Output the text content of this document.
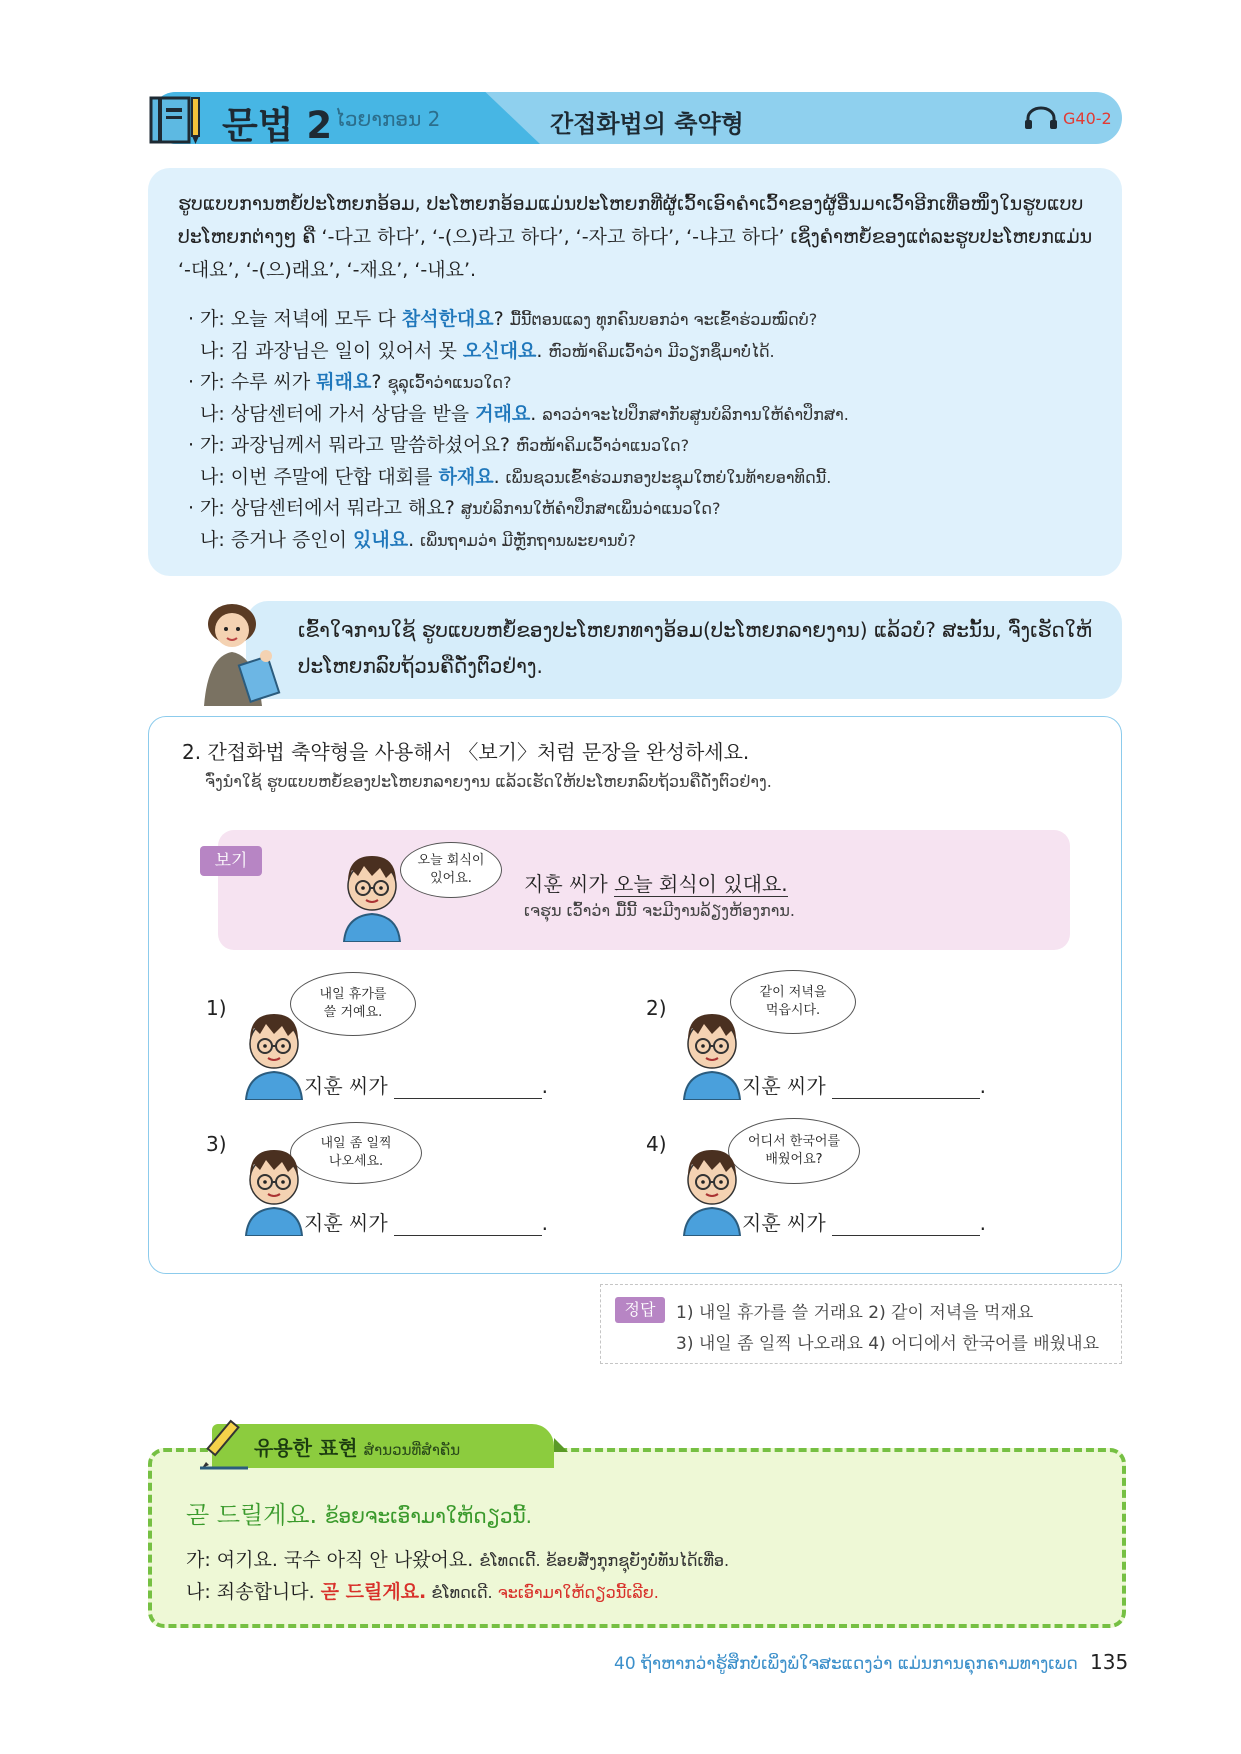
문법 2 ໄວຍາກອນ 2	간접화법의 축약형	G40-2
ຮູບແບບການຫຍໍ້ປະໂຫຍກອ້ອມ, ປະໂຫຍກອ້ອມແມ່ນປະໂຫຍກທີ່ຜູ້ເວົ້າເອົາຄຳເວົ້າຂອງຜູ້ອື່ນມາເວົ້າອີກເທື່ອໜຶ່ງໃນຮູບແບບປະໂຫຍກຕ່າງໆ ຄື ‘-다고 하다’, ‘-(으)라고 하다’, ‘-자고 하다’, ‘-냐고 하다’ ເຊິ່ງຄຳຫຍໍ້ຂອງແຕ່ລະຮູບປະໂຫຍກແມ່ນ ‘-대요’, ‘-(으)래요’, ‘-재요’, ‘-내요’.
· 가: 오늘 저녁에 모두 다 참석한대요? ມື້ນີ້ຕອນແລງ ທຸກຄົນບອກວ່າ ຈະເຂົ້າຮ່ວມໝົດບໍ?
나: 김 과장님은 일이 있어서 못 오신대요. ຫົວໜ້າຄິມເວົ້າວ່າ ມີວຽກຊຶ່ມາບໍ່ໄດ້.
· 가: 수루 씨가 뭐래요? ຊຸລຸເວົ້າວ່າແນວໃດ?
나: 상담센터에 가서 상담을 받을 거래요. ລາວວ່າຈະໄປປຶກສາກັບສູນບໍລິການໃຫ້ຄຳປຶກສາ.
· 가: 과장님께서 뭐라고 말씀하셨어요? ຫົວໜ້າຄິມເວົ້າວ່າແນວໃດ?
나: 이번 주말에 단합 대회를 하재요. ເພິ່ນຊວນເຂົ້າຮ່ວມກອງປະຊຸມໃຫຍ່ໃນທ້າຍອາທິດນີ້.
· 가: 상담센터에서 뭐라고 해요? ສູນບໍລິການໃຫ້ຄຳປຶກສາເພິ່ນວ່າແນວໃດ?
나: 증거나 증인이 있내요. ເພິ່ນຖາມວ່າ ມີຫຼັກຖານພະຍານບໍ?
ເຂົ້າໃຈການໃຊ້ ຮູບແບບຫຍໍ້ຂອງປະໂຫຍກທາງອ້ອມ(ປະໂຫຍກລາຍງານ) ແລ້ວບໍ? ສະນັ້ນ, ຈົ່ງເຮັດໃຫ້ປະໂຫຍກລົບຖ້ວນຄືດັ່ງຕົວຢ່າງ.
2. 간접화법 축약형을 사용해서 〈보기〉처럼 문장을 완성하세요.
ຈົ່ງນຳໃຊ້ ຮູບແບບຫຍໍ້ຂອງປະໂຫຍກລາຍງານ ແລ້ວເຮັດໃຫ້ປະໂຫຍກລົບຖ້ວນຄືດັ່ງຕົວຢ່າງ.
보기	오늘 회식이
있어요.	지훈 씨가 오늘 회식이 있대요.
ເຈຮຸນ ເວົ້າວ່າ ມື້ນີ້ ຈະມີງານລ້ຽງຫ້ອງການ.
1)
내일 휴가를
쓸 거예요.
지훈 씨가	.
2)
같이 저녁을
먹읍시다.
지훈 씨가	.
3)	내일 좀 일찍
나오세요.
지훈 씨가	.
4)	어디서 한국어를
배웠어요?
지훈 씨가	.
정답	1) 내일 휴가를 쓸 거래요 2) 같이 저녁을 먹재요
3) 내일 좀 일찍 나오래요 4) 어디에서 한국어를 배웠내요
유용한 표현 ສຳນວນທີ່ສຳຄັນ
곧 드릴게요. ຂ້ອຍຈະເອົາມາໃຫ້ດຽວນີ້.
가: 여기요. 국수 아직 안 나왔어요. ຂໍໂທດເດີ້. ຂ້ອຍສັ່ງກຸກຊຸຍັງບໍ່ທັນໄດ້ເທື່ອ.
나: 죄송합니다. 곧 드릴게요. ຂໍໂທດເດີ. ຈະເອົາມາໃຫ້ດຽວນີ້ເລີຍ.
40 ຖ້າຫາກວ່າຮູ້ສຶກບໍ່ເພິ່ງພໍໃຈສະແດງວ່າ ແມ່ນການຄຸກຄາມທາງເພດ 135
